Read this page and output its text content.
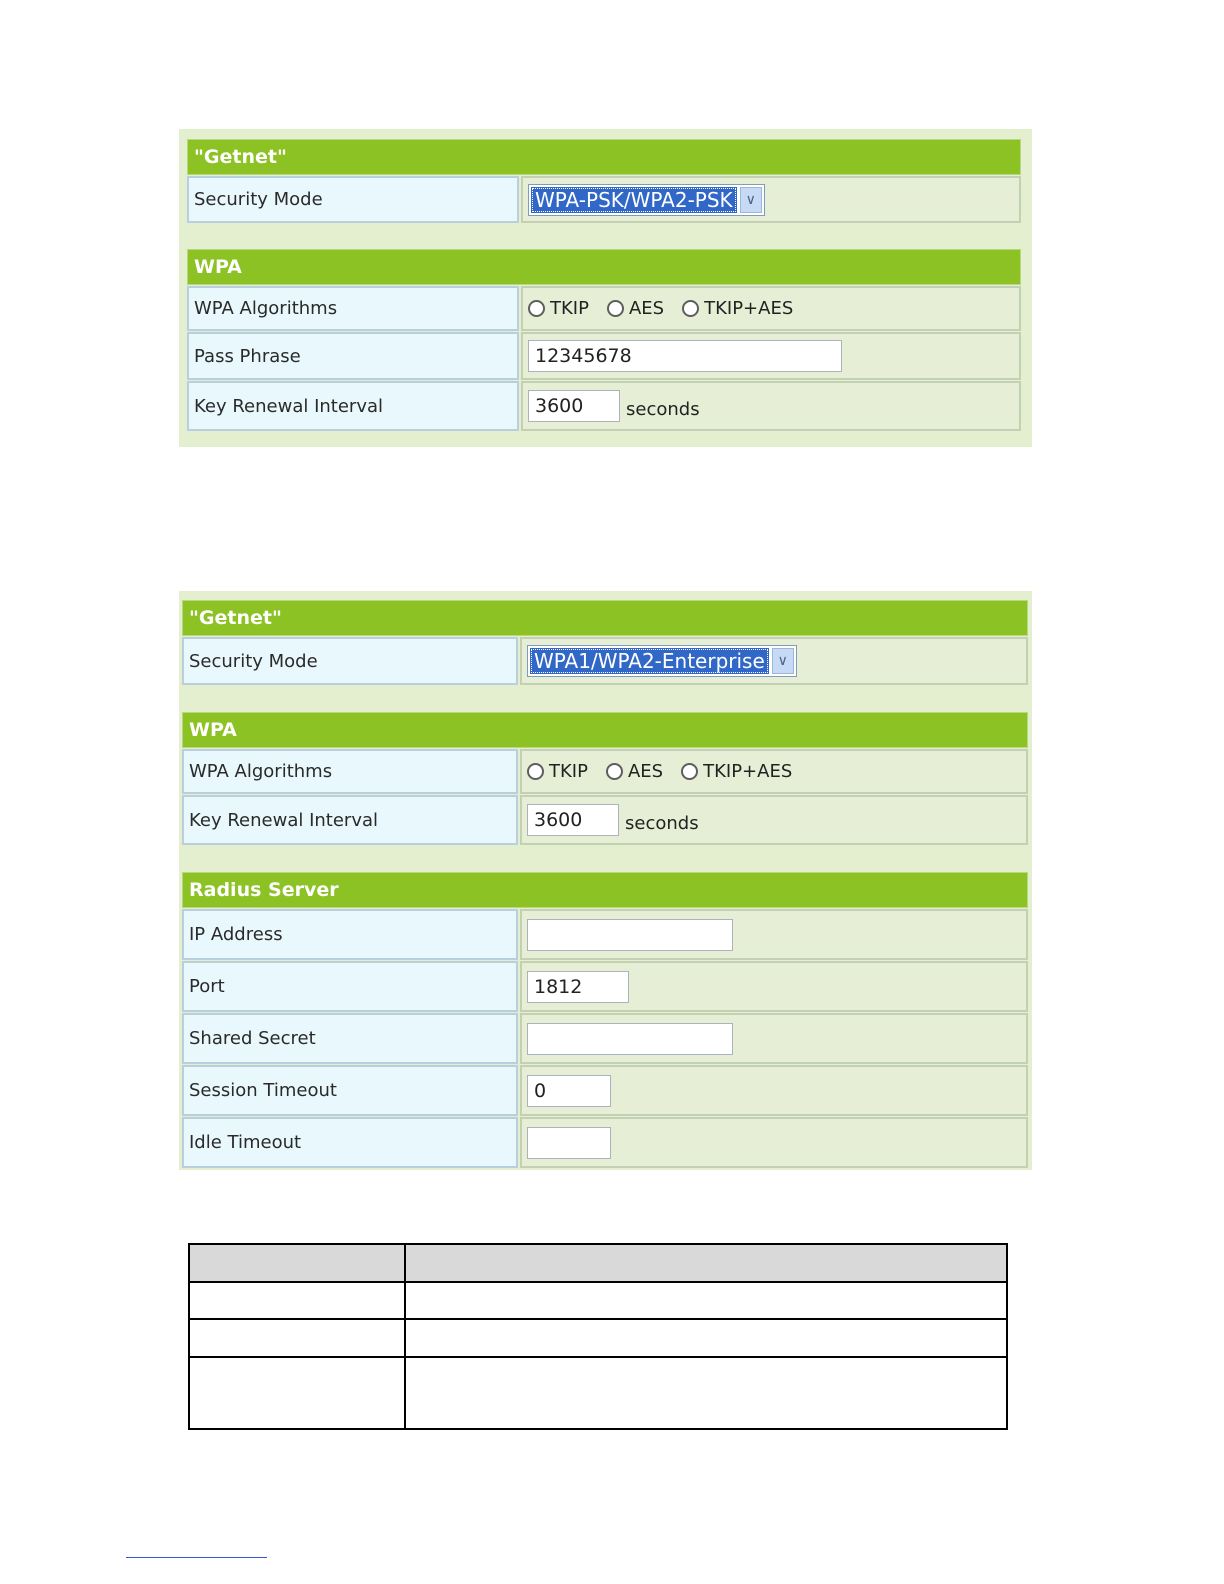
"Getnet"
Security Mode	WPA-PSK/WPA2-PSK ∨
WPA
WPA Algorithms	TKIP AES TKIP+AES
Pass Phrase	12345678
Key Renewal Interval	3600	seconds
"Getnet"
Security Mode	WPA1/WPA2-Enterprise ∨
WPA
WPA Algorithms	TKIP AES TKIP+AES
Key Renewal Interval	3600	seconds
Radius Server
IP Address
Port	1812
Shared Secret
Session Timeout	0
Idle Timeout
